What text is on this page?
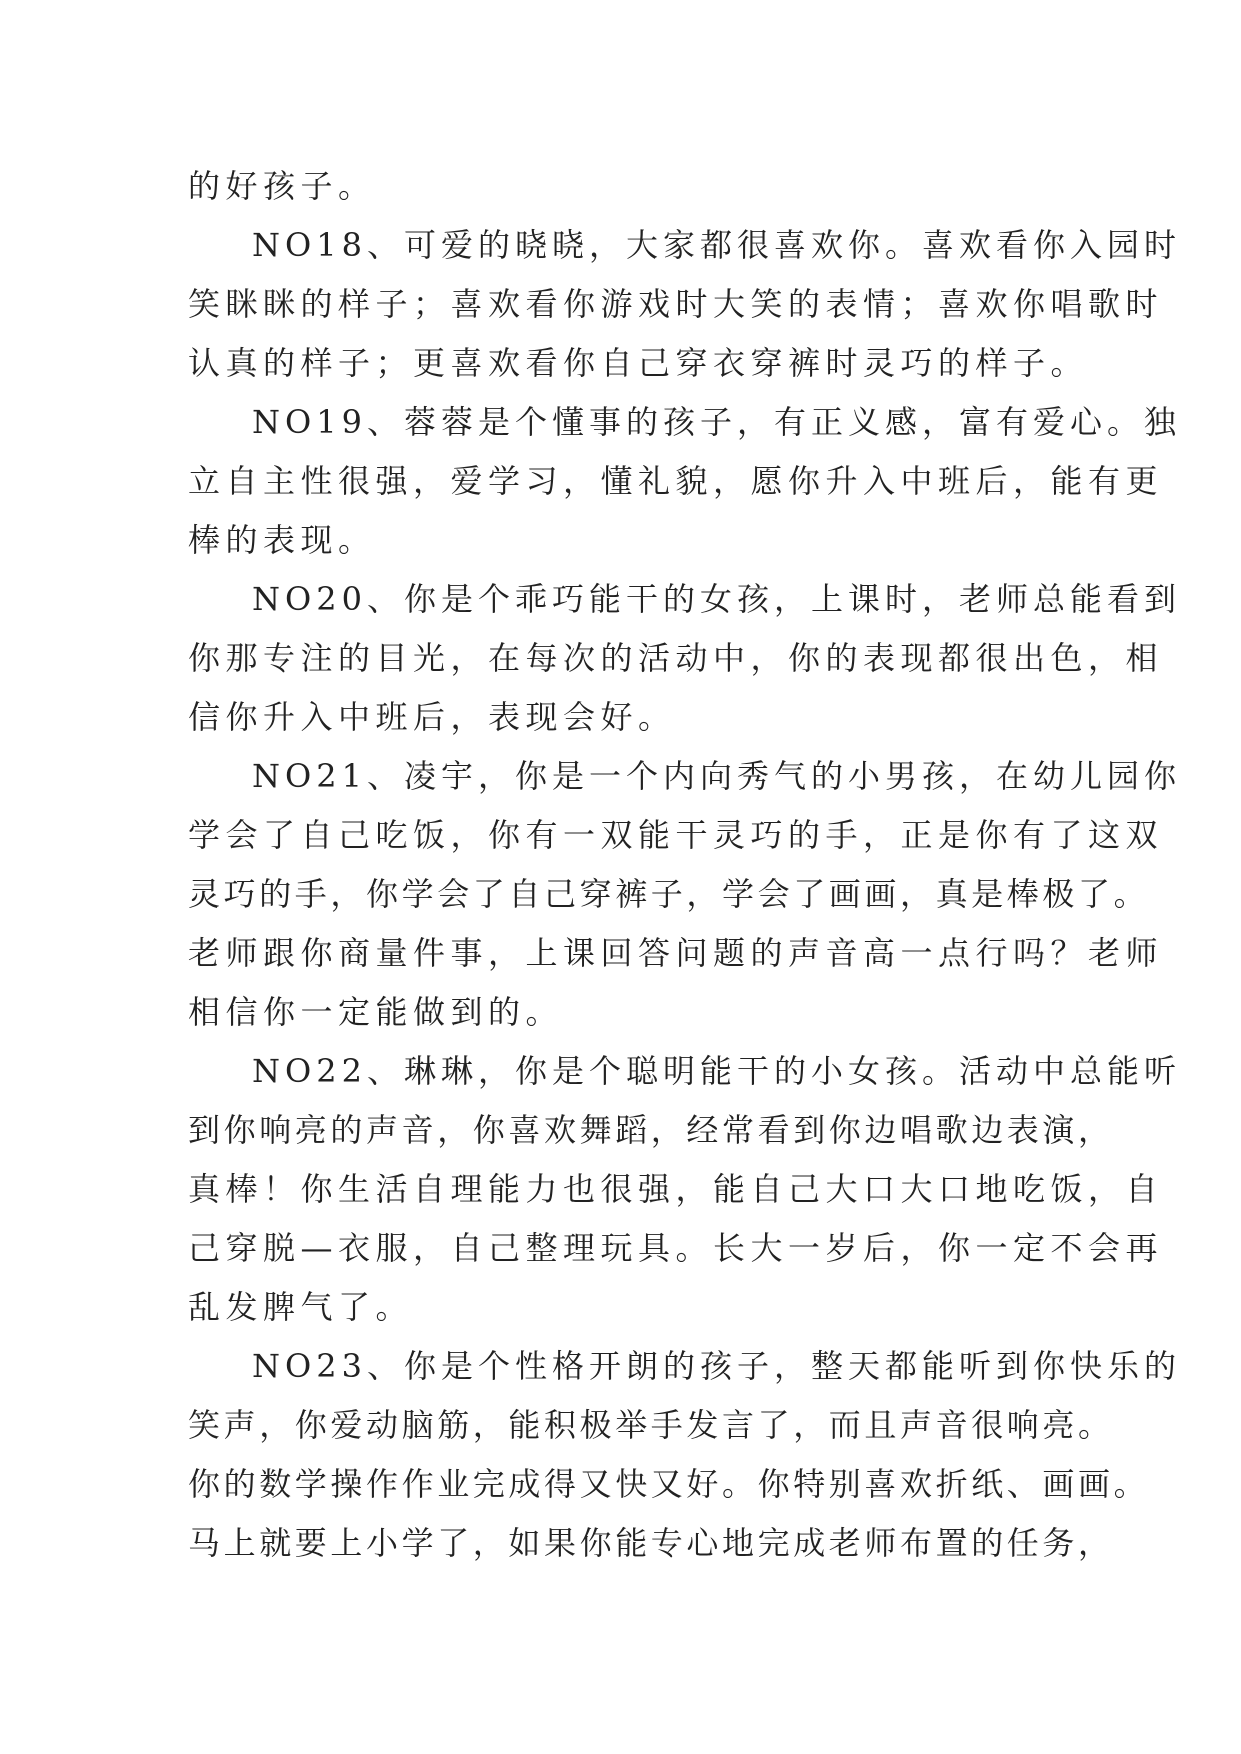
的好孩子。
NO18、可爱的晓晓，大家都很喜欢你。喜欢看你入园时
笑眯眯的样子；喜欢看你游戏时大笑的表情；喜欢你唱歌时
认真的样子；更喜欢看你自己穿衣穿裤时灵巧的样子。
NO19、蓉蓉是个懂事的孩子，有正义感，富有爱心。独
立自主性很强，爱学习，懂礼貌，愿你升入中班后，能有更
棒的表现。
NO20、你是个乖巧能干的女孩，上课时，老师总能看到
你那专注的目光，在每次的活动中，你的表现都很出色，相
信你升入中班后，表现会好。
NO21、凌宇，你是一个内向秀气的小男孩，在幼儿园你
学会了自己吃饭，你有一双能干灵巧的手，正是你有了这双
灵巧的手，你学会了自己穿裤子，学会了画画，真是棒极了。
老师跟你商量件事，上课回答问题的声音高一点行吗？老师
相信你一定能做到的。
NO22、琳琳，你是个聪明能干的小女孩。活动中总能听
到你响亮的声音，你喜欢舞蹈，经常看到你边唱歌边表演，
真棒！你生活自理能力也很强，能自己大口大口地吃饭，自
己穿脱—衣服，自己整理玩具。长大一岁后，你一定不会再
乱发脾气了。
NO23、你是个性格开朗的孩子，整天都能听到你快乐的
笑声，你爱动脑筋，能积极举手发言了，而且声音很响亮。
你的数学操作作业完成得又快又好。你特别喜欢折纸、画画。
马上就要上小学了，如果你能专心地完成老师布置的任务，
